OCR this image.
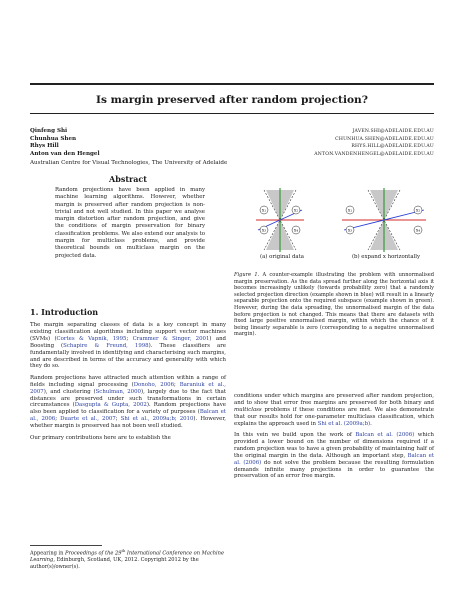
Is margin preserved after random projection?
Qinfeng Shi
Chunhua Shen
Rhys Hill
Anton van den Hengel
JAVEN.SHI@ADELAIDE.EDU.AU
CHUNHUA.SHEN@ADELAIDE.EDU.AU
RHYS.HILL@ADELAIDE.EDU.AU
ANTON.VANDENHENGEL@ADELAIDE.EDU.AU
Australian Centre for Visual Technologies, The University of Adelaide
Abstract
Random projections have been applied in many machine learning algorithms. However, whether margin is preserved after random projection is non-trivial and not well studied. In this paper we analyse margin distortion after random projection, and give the conditions of margin preservation for binary classification problems. We also extend our analysis to margin for multiclass problems, and provide theoretical bounds on multiclass margin on the projected data.
1. Introduction

The margin separating classes of data is a key concept in many existing classification algorithms including support vector machines (SVMs) (Cortes & Vapnik, 1995; Crammer & Singer, 2001) and Boosting (Schapire & Freund, 1998). These classifiers are fundamentally involved in identifying and characterising such margins, and are described in terms of the accuracy and generality with which they do so.

Random projections have attracted much attention within a range of fields including signal processing (Donoho, 2006; Baraniuk et al., 2007), and clustering (Schulman, 2000), largely due to the fact that distances are preserved under such transformations in certain circumstances (Dasgupta & Gupta, 2002). Random projections have also been applied to classification for a variety of purposes (Balcan et al., 2006; Duarte et al., 2007; Shi et al., 2009a;b; 2010). However, whether margin is preserved has not been well studied.

Our primary contributions here are to establish the

Appearing in Proceedings of the 29th International Conference on Machine Learning, Edinburgh, Scotland, UK, 2012. Copyright 2012 by the author(s)/owner(s).
x₁	x₂
x₃	x₄
x₁	x₂
x₃	x₄
(a) original data	(b) expand x horizontally
Figure 1. A counter-example illustrating the problem with unnormalised margin preservation. As the data spread further along the horizontal axis it becomes increasingly unlikely (towards probability zero) that a randomly selected projection direction (example shown in blue) will result in a linearly separable projection onto the required subspace (example shown in green). However, during the data spreading, the unnormalised margin of the data before projection is not changed. This means that there are datasets with fixed large positive unnormalised margin, within which the chance of it being linearly separable is zero (corresponding to a negative unnormalised margin).

conditions under which margins are preserved after random projection, and to show that error free margins are preserved for both binary and multiclass problems if these conditions are met. We also demonstrate that our results hold for one-parameter multiclass classification, which explains the approach used in Shi et al. (2009a;b).

In this vein we build upon the work of Balcan et al. (2006) which provided a lower bound on the number of dimensions required if a random projection was to have a given probability of maintaining half of the original margin in the data. Although an important step, Balcan et al. (2006) do not solve the problem because the resulting formulation demands infinite many projections in order to guarantee the preservation of an error free margin.
